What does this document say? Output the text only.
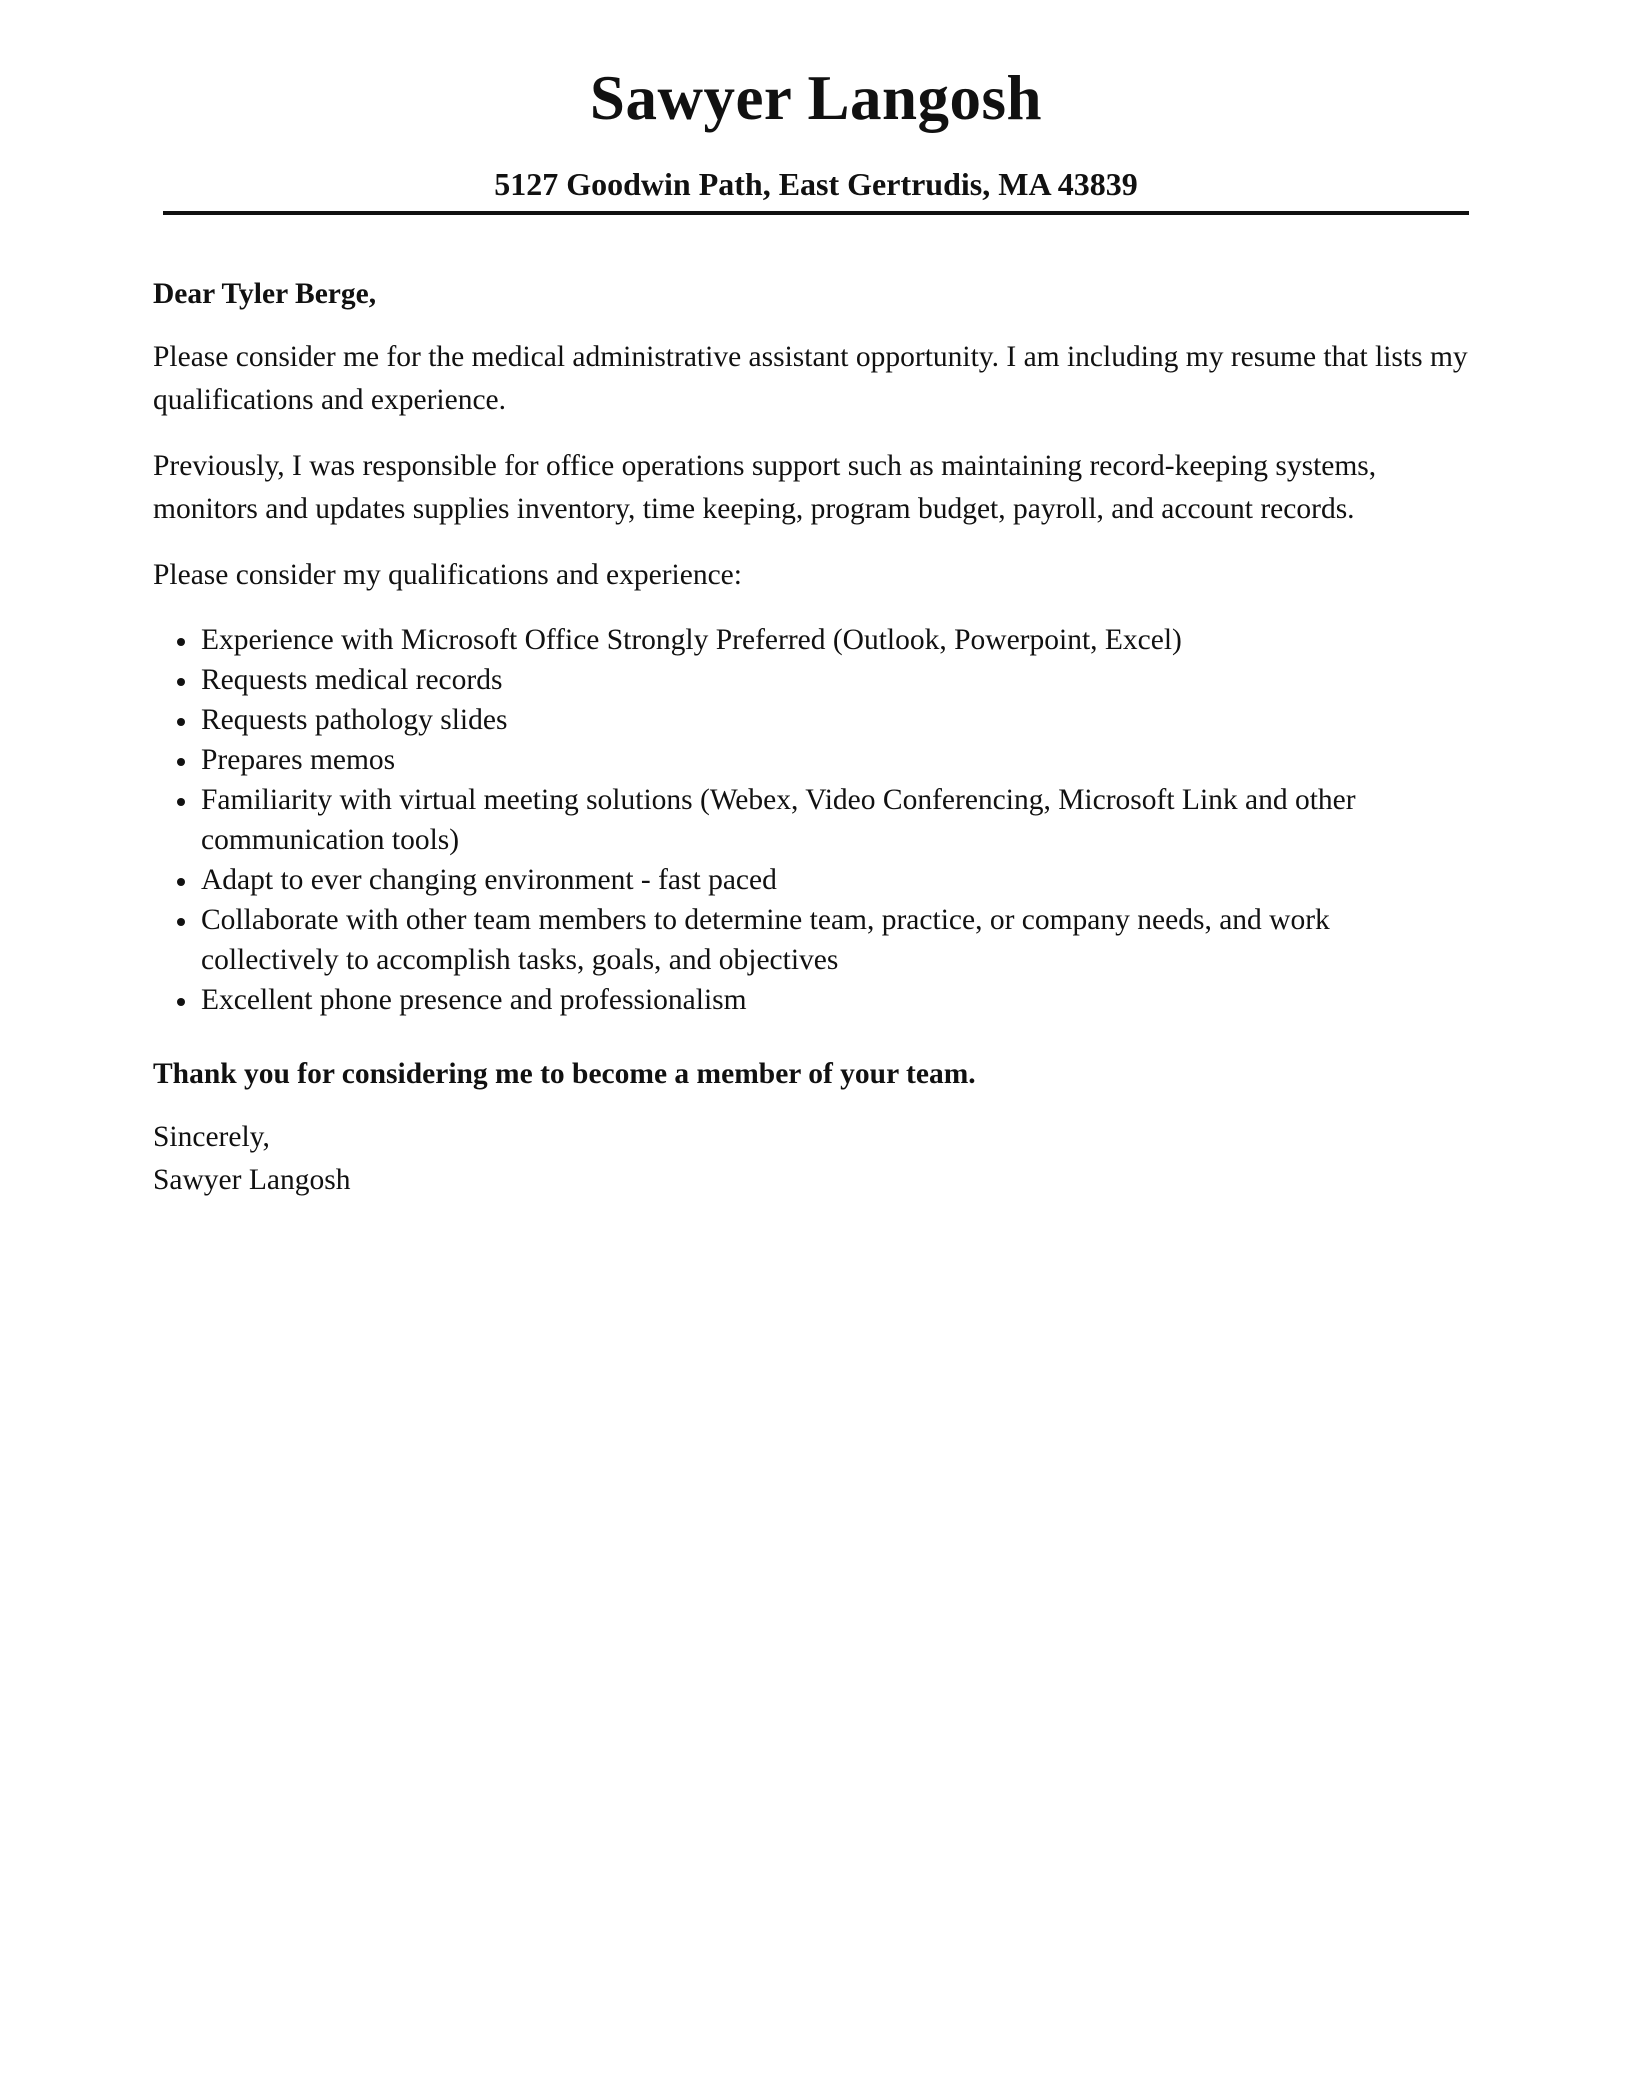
Sawyer Langosh
5127 Goodwin Path, East Gertrudis, MA 43839

Dear Tyler Berge,

Please consider me for the medical administrative assistant opportunity. I am including my resume that lists my qualifications and experience.

Previously, I was responsible for office operations support such as maintaining record-keeping systems, monitors and updates supplies inventory, time keeping, program budget, payroll, and account records.

Please consider my qualifications and experience:

Experience with Microsoft Office Strongly Preferred (Outlook, Powerpoint, Excel)
Requests medical records
Requests pathology slides
Prepares memos
Familiarity with virtual meeting solutions (Webex, Video Conferencing, Microsoft Link and other communication tools)
Adapt to ever changing environment - fast paced
Collaborate with other team members to determine team, practice, or company needs, and work collectively to accomplish tasks, goals, and objectives
Excellent phone presence and professionalism

Thank you for considering me to become a member of your team.

Sincerely,

Sawyer Langosh
